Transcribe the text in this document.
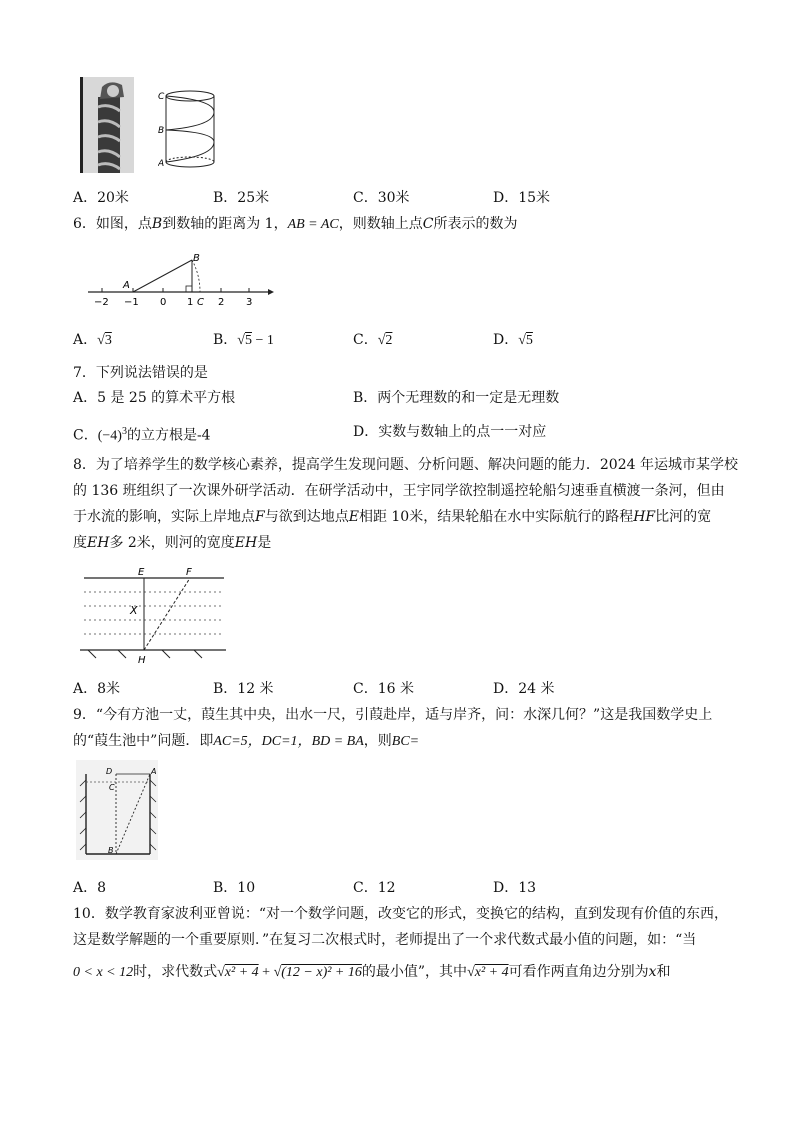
C
B
A
A．20米	B．25米	C．30米	D．15米
6．如图，点B到数轴的距离为 1，AB = AC，则数轴上点C所表示的数为
A
B
C
−2 −1 0 1 2 3
A．√3	B．√5 − 1	C．√2	D．√5
7．下列说法错误的是
A．5 是 25 的算术平方根	B．两个无理数的和一定是无理数
C．$(-4)^3$的立方根是-4	D．实数与数轴上的点一一对应
8．为了培养学生的数学核心素养，提高学生发现问题、分析问题、解决问题的能力．2024 年运城市某学校
的 136 班组织了一次课外研学活动．在研学活动中，王宇同学欲控制遥控轮船匀速垂直横渡一条河，但由
于水流的影响，实际上岸地点F与欲到达地点E相距 10米，结果轮船在水中实际航行的路程HF比河的宽
度EH多 2米，则河的宽度EH是
E	F
H
X
A．8米	B．12 米	C．16 米	D．24 米
9．“今有方池一丈，葭生其中央，出水一尺，引葭赴岸，适与岸齐，问：水深几何？”这是我国数学史上
的“葭生池中”问题．即AC=5，DC=1，BD = BA，则BC=
D	A
C
B
A．8	B．10	C．12	D．13
10．数学教育家波利亚曾说：“对一个数学问题，改变它的形式，变换它的结构，直到发现有价值的东西，
这是数学解题的一个重要原则．”在复习二次根式时，老师提出了一个求代数式最小值的问题，如：“当
0 < x < 12时，求代数式√x² + 4 + √(12 − x)² + 16的最小值”，其中√x² + 4可看作两直角边分别为x和
